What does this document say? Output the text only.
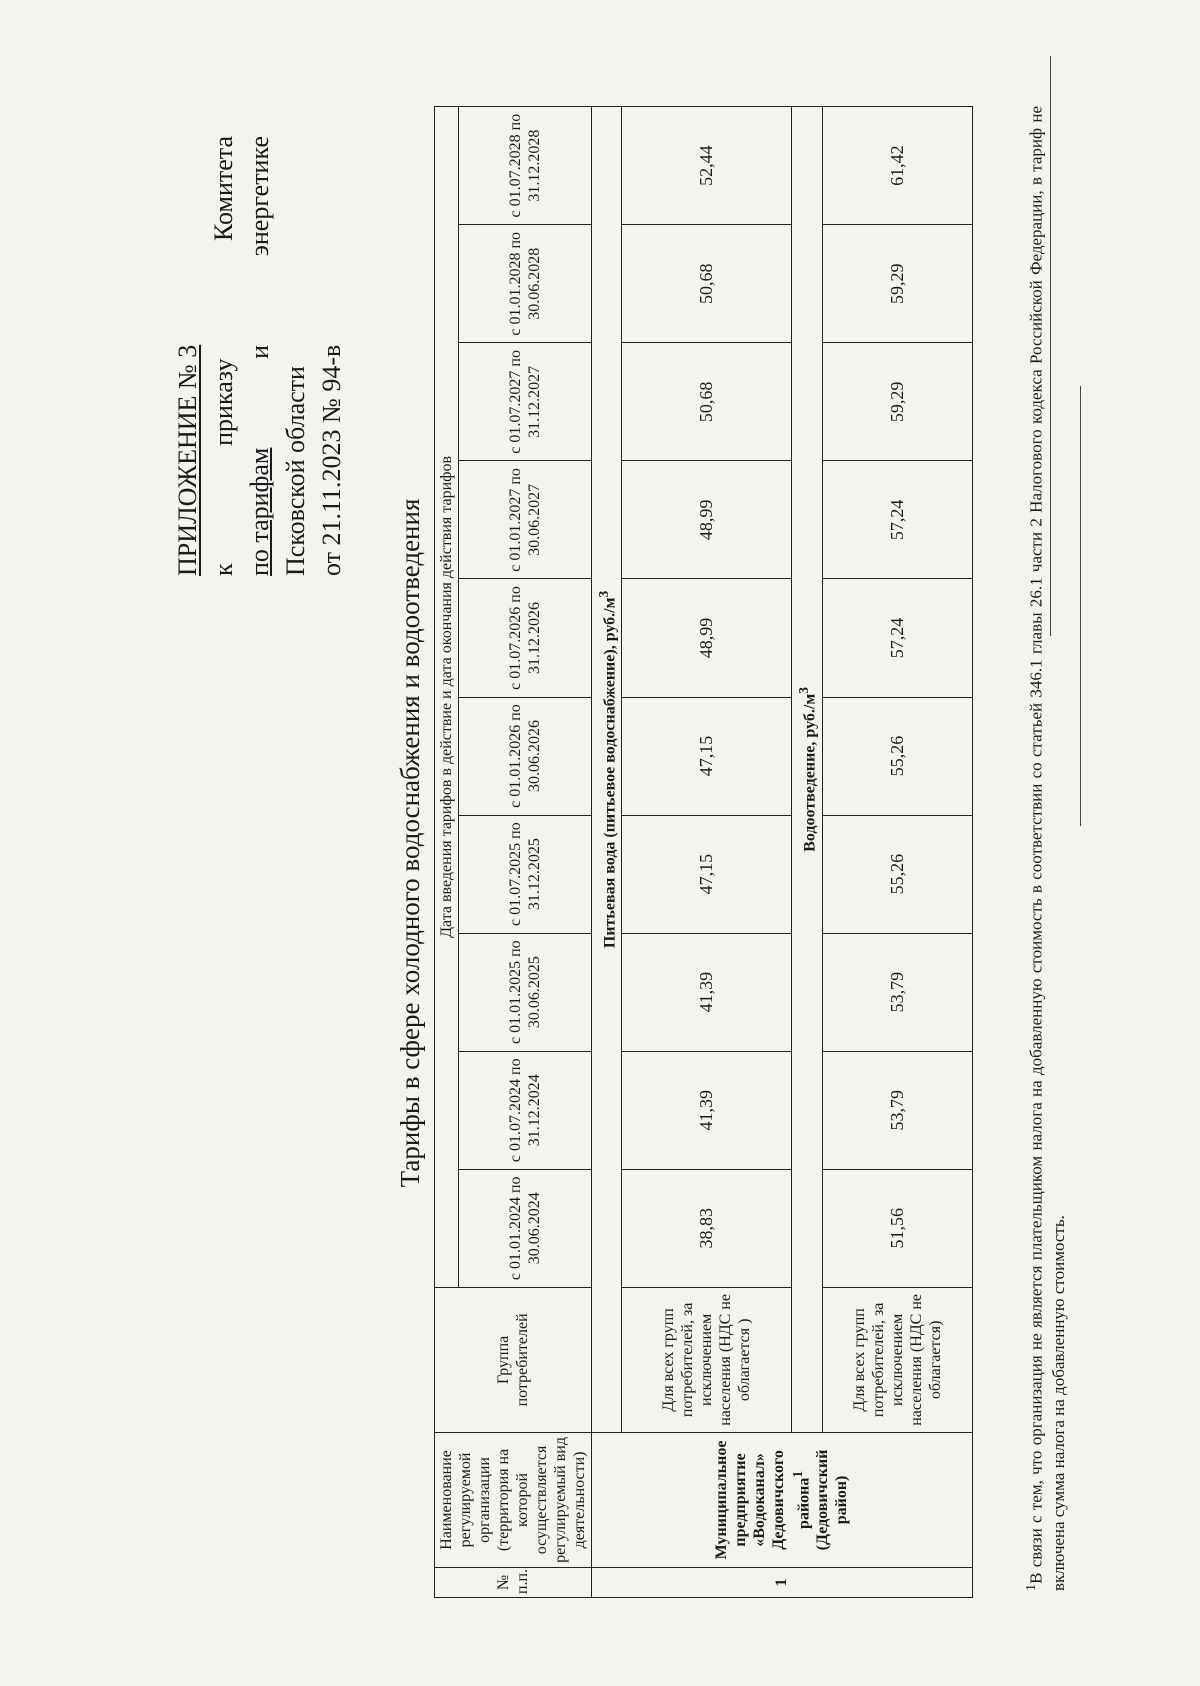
ПРИЛОЖЕНИЕ № 3 к
приказу
Комитета
по тарифам
и
энергетике
Псковской области от 21.11.2023 № 94-в
Тарифы в сфере холодного водоснабжения и водоотведения
№ п.п.	Наименование регулируемой организации (территория на которой осуществляется регулируемый вид деятельности)	Группа потребителей	Дата введения тарифов в действие и дата окончания действия тарифов									
			с 01.01.2024 по 30.06.2024	с 01.07.2024 по 31.12.2024	с 01.01.2025 по 30.06.2025	с 01.07.2025 по 31.12.2025	с 01.01.2026 по 30.06.2026	с 01.07.2026 по 31.12.2026	с 01.01.2027 по 30.06.2027	с 01.07.2027 по 31.12.2027	с 01.01.2028 по 30.06.2028	с 01.07.2028 по 31.12.2028
1	Муниципальное предприятие «Водоканал» Дедовичского района$^1$ (Дедовичский район)	Питьевая вода (питьевое водоснабжение), $руб./м^3$
		Для всех групп потребителей, за исключением населения (НДС не облагается )	38,83	41,39	41,39	47,15	47,15	48,99	48,99	50,68	50,68	52,44
		Водоотведение, $руб./м^3$
		Для всех групп потребителей, за исключением населения (НДС не облагается)	51,56	53,79	53,79	55,26	55,26	57,24	57,24	59,29	59,29	61,42
$^1$В связи с тем, что организация не является плательщиком налога на добавленную стоимость в соответствии со статьей 346.1 главы 26.1 части 2 Налогового кодекса Российской Федерации, в тариф не включена сумма налога на добавленную стоимость.
